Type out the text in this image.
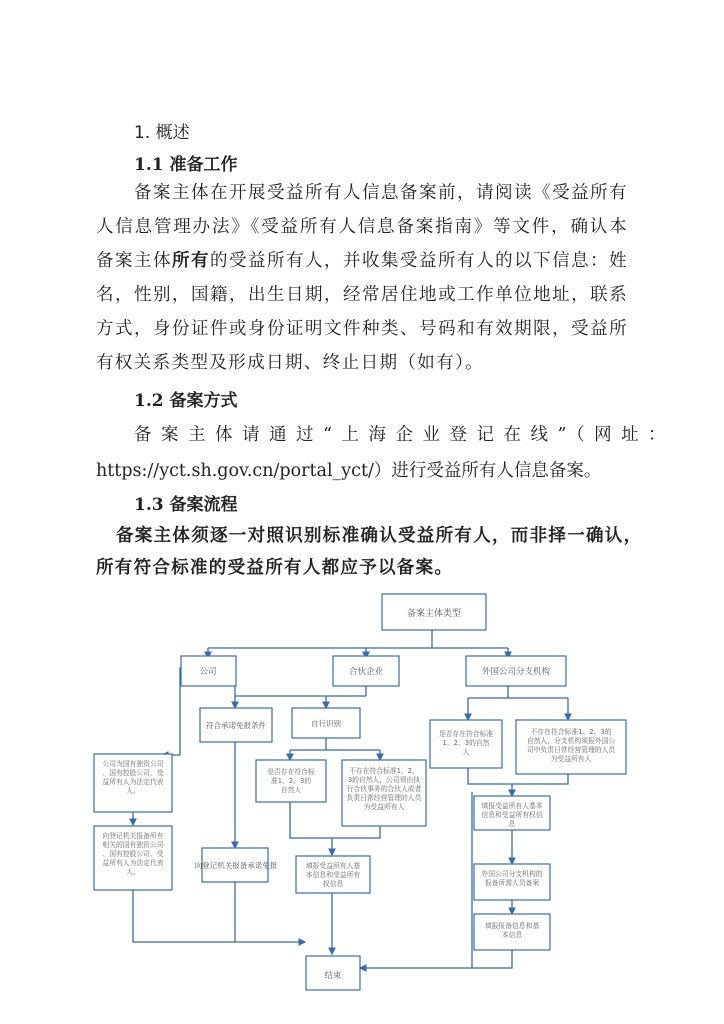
1. 概述
1.1 准备工作
备案主体在开展受益所有人信息备案前，请阅读《受益所有人信息管理办法》《受益所有人信息备案指南》等文件，确认本备案主体所有的受益所有人，并收集受益所有人的以下信息：姓名，性别，国籍，出生日期，经常居住地或工作单位地址，联系方式，身份证件或身份证明文件种类、号码和有效期限，受益所有权关系类型及形成日期、终止日期（如有）。
1.2 备案方式
备案主体请通过“上海企业登记在线”（网址：
https://yct.sh.gov.cn/portal_yct/）进行受益所有人信息备案。
1.3 备案流程
备案主体须逐一对照识别标准确认受益所有人，而非择一确认，
所有符合标准的受益所有人都应予以备案。
备案主体类型
公司	合伙企业	外国公司分支机构
符合承诺免报条件	自行识别
向登记机关报备承诺免报
结束
公司为国有独资公司、国有控股公司，受益所有人为法定代表人。
是否存在符合标准1、2、3的自然人
不存在符合标准1、2、 3的自然人，公司须由执行合伙事务的合伙人或者负责日常经营管理的人员为受益所有人
是否存在符合标准 1、2、3的自然人
不存在符合标准1、2、3的自然人，分支机构须报外国公司中负责日常经营管理的人员为受益所有人
向登记机关报备所有相关的国有独资公司、国有控股公司、受益所有人为法定代表人。
填报受益所有人基本信息和受益所有权信息
填报受益所有人基本信息和受益所有权信息
外国公司分支机构的报备所需人员备案
填报报备信息和基本信息
